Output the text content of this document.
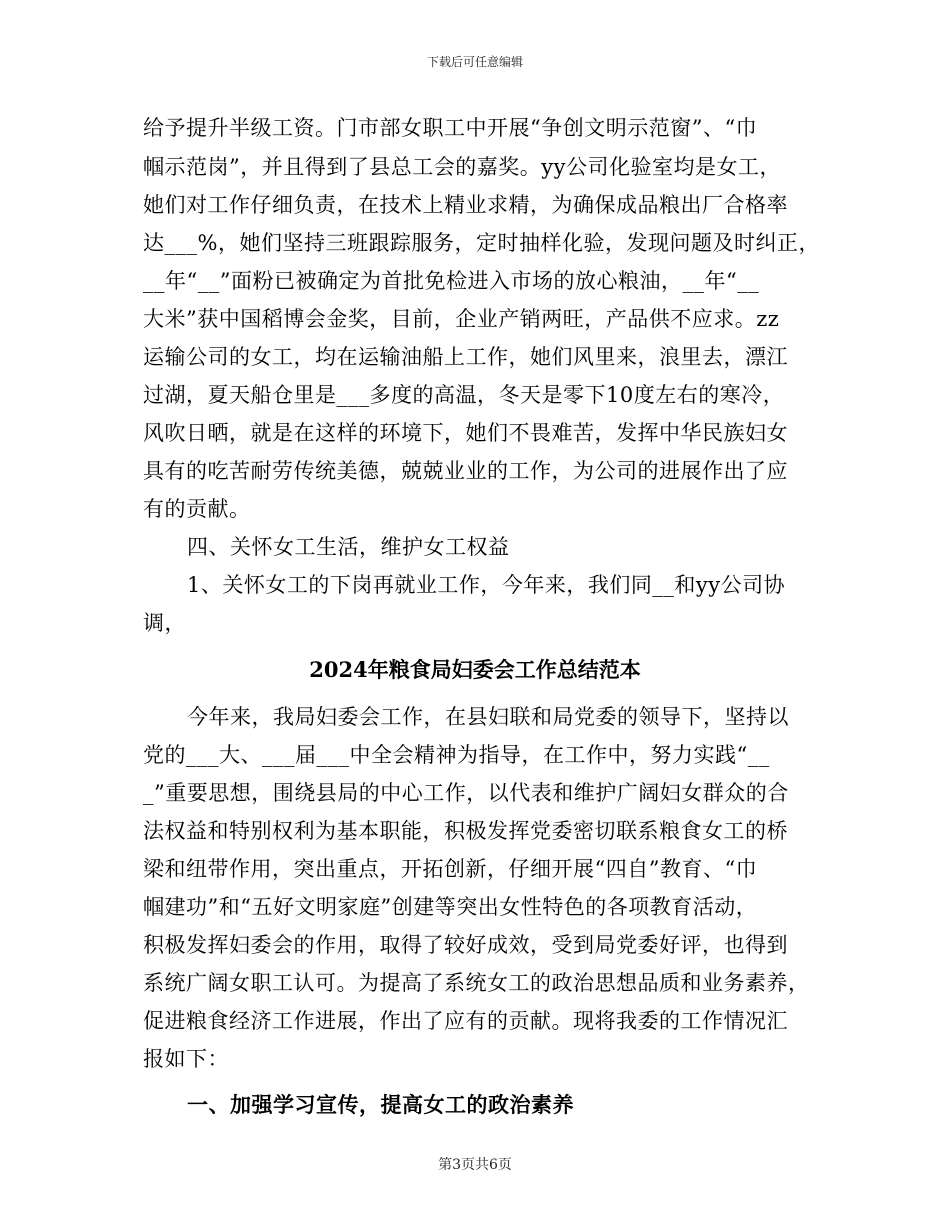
下载后可任意编辑
给予提升半级工资。门市部女职工中开展“争创文明示范窗”、“巾
帼示范岗”，并且得到了县总工会的嘉奖。yy公司化验室均是女工，
她们对工作仔细负责，在技术上精业求精，为确保成品粮出厂合格率
达___%，她们坚持三班跟踪服务，定时抽样化验，发现问题及时纠正，
__年“__”面粉已被确定为首批免检进入市场的放心粮油，__年“__
大米”获中国稻博会金奖，目前，企业产销两旺，产品供不应求。zz
运输公司的女工，均在运输油船上工作，她们风里来，浪里去，漂江
过湖，夏天船仓里是___多度的高温，冬天是零下10度左右的寒冷，
风吹日晒，就是在这样的环境下，她们不畏难苦，发挥中华民族妇女
具有的吃苦耐劳传统美德，兢兢业业的工作，为公司的进展作出了应
有的贡献。
四、关怀女工生活，维护女工权益
1、关怀女工的下岗再就业工作，今年来，我们同__和yy公司协
调，
2024年粮食局妇委会工作总结范本
今年来，我局妇委会工作，在县妇联和局党委的领导下，坚持以
党的___大、___届___中全会精神为指导，在工作中，努力实践“__
_”重要思想，围绕县局的中心工作，以代表和维护广阔妇女群众的合
法权益和特别权利为基本职能，积极发挥党委密切联系粮食女工的桥
梁和纽带作用，突出重点，开拓创新，仔细开展“四自”教育、“巾
帼建功”和“五好文明家庭”创建等突出女性特色的各项教育活动，
积极发挥妇委会的作用，取得了较好成效，受到局党委好评，也得到
系统广阔女职工认可。为提高了系统女工的政治思想品质和业务素养，
促进粮食经济工作进展，作出了应有的贡献。现将我委的工作情况汇
报如下：
一、加强学习宣传，提高女工的政治素养
第3页共6页
